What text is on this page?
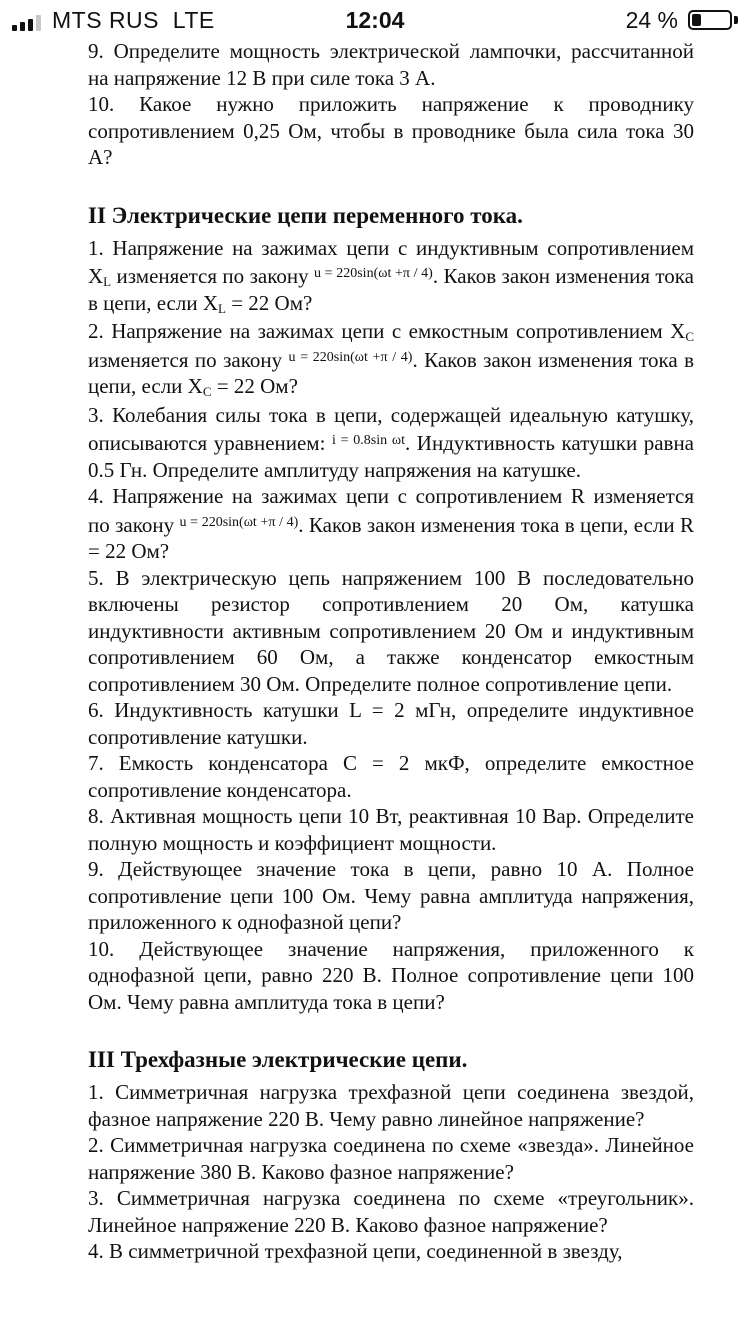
MTS RUS LTE	12:04	24 %

9. Определите мощность электрической лампочки, рассчитанной на напряжение 12 В при силе тока 3 А.

10. Какое нужно приложить напряжение к проводнику сопротивлением 0,25 Ом, чтобы в проводнике была сила тока 30 А?

II Электрические цепи переменного тока.

1. Напряжение на зажимах цепи с индуктивным сопротивлением $X_L$ изменяется по закону $^{u = 220sin(\omega t +\pi / 4)}$. Каков закон изменения тока в цепи, если $X_L = 22$ Ом?

2. Напряжение на зажимах цепи с емкостным сопротивлением $X_C$ изменяется по закону $^{u = 220sin(\omega t +\pi / 4)}$. Каков закон изменения тока в цепи, если $X_C = 22$ Ом?

3. Колебания силы тока в цепи, содержащей идеальную катушку, описываются уравнением: $^{i = 0.8sin \omega t}$. Индуктивность катушки равна 0.5 Гн. Определите амплитуду напряжения на катушке.

4. Напряжение на зажимах цепи с сопротивлением R изменяется по закону $^{u = 220sin(\omega t +\pi / 4)}$. Каков закон изменения тока в цепи, если R = 22 Ом?

5. В электрическую цепь напряжением 100 В последовательно включены резистор сопротивлением 20 Ом, катушка индуктивности активным сопротивлением 20 Ом и индуктивным сопротивлением 60 Ом, а также конденсатор емкостным сопротивлением 30 Ом. Определите полное сопротивление цепи.

6. Индуктивность катушки L = 2 мГн, определите индуктивное сопротивление катушки.

7. Емкость конденсатора C = 2 мкФ, определите емкостное сопротивление конденсатора.

8. Активная мощность цепи 10 Вт, реактивная 10 Вар. Определите полную мощность и коэффициент мощности.

9. Действующее значение тока в цепи, равно 10 А. Полное сопротивление цепи 100 Ом. Чему равна амплитуда напряжения, приложенного к однофазной цепи?

10. Действующее значение напряжения, приложенного к однофазной цепи, равно 220 В. Полное сопротивление цепи 100 Ом. Чему равна амплитуда тока в цепи?

III Трехфазные электрические цепи.

1. Симметричная нагрузка трехфазной цепи соединена звездой, фазное напряжение 220 В. Чему равно линейное напряжение?

2. Симметричная нагрузка соединена по схеме «звезда». Линейное напряжение 380 В. Каково фазное напряжение?

3. Симметричная нагрузка соединена по схеме «треугольник». Линейное напряжение 220 В. Каково фазное напряжение?

4. В симметричной трехфазной цепи, соединенной в звезду,
